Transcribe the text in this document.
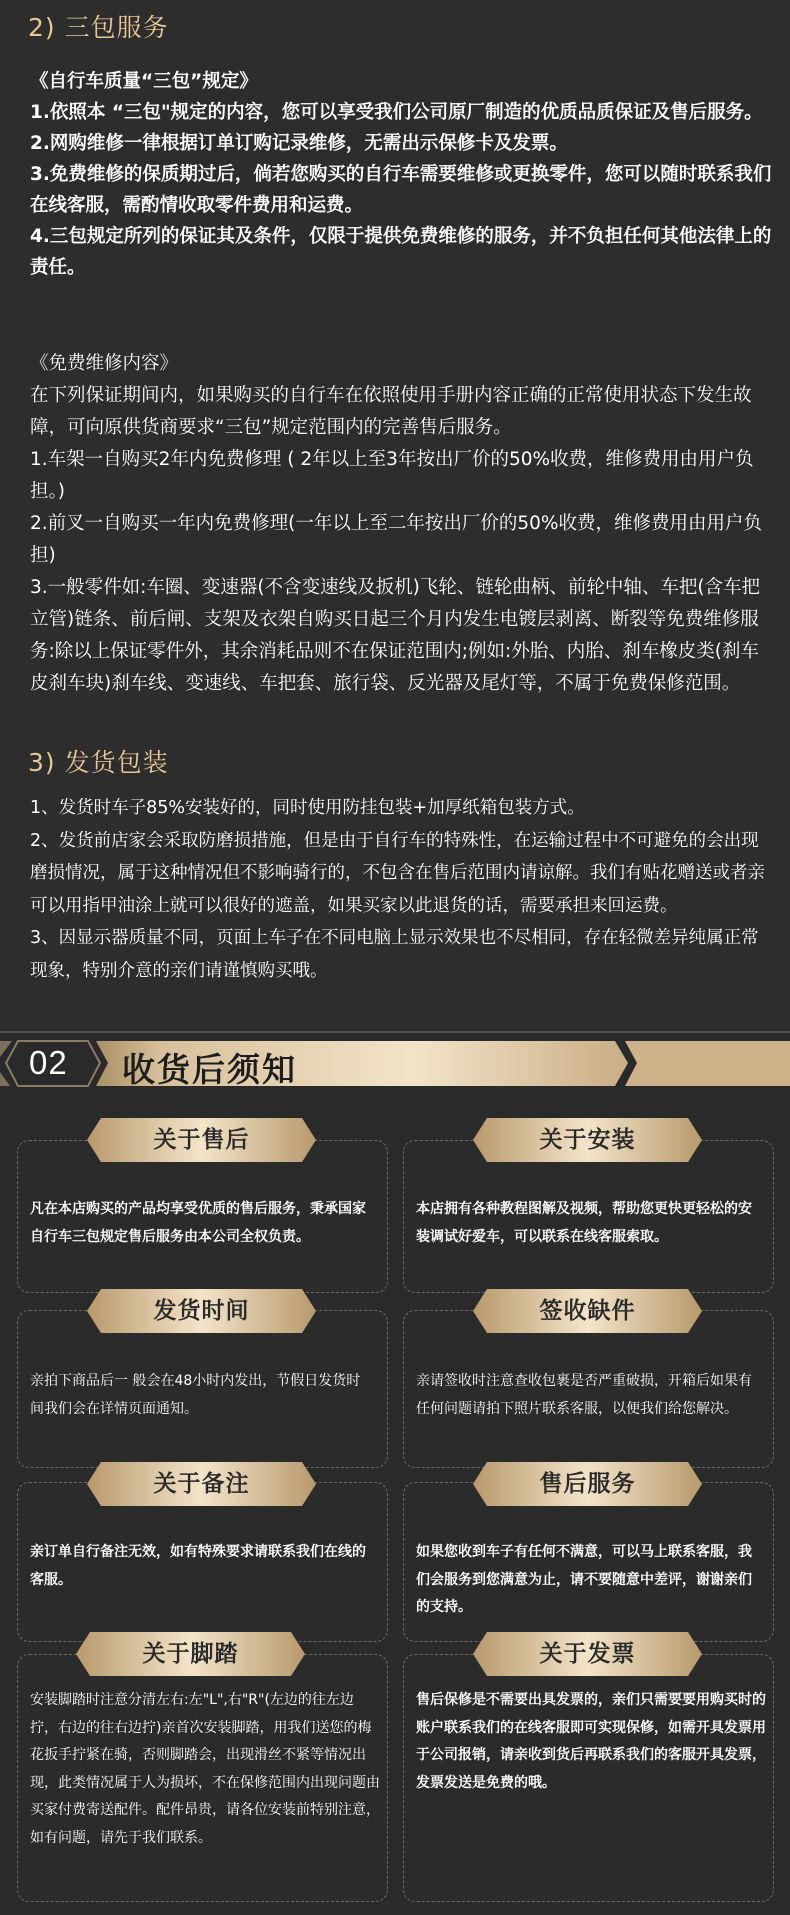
2) 三包服务

《自行车质量“三包”规定》

1.依照本 “三包"规定的内容，您可以享受我们公司原厂制造的优质品质保证及售后服务。

2.网购维修一律根据订单订购记录维修，无需出示保修卡及发票。

3.免费维修的保质期过后，倘若您购买的自行车需要维修或更换零件，您可以随时联系我们在线客服，需酌情收取零件费用和运费。

4.三包规定所列的保证其及条件，仅限于提供免费维修的服务，并不负担任何其他法律上的责任。

《免费维修内容》

在下列保证期间内，如果购买的自行车在依照使用手册内容正确的正常使用状态下发生故障，可向原供货商要求“三包”规定范围内的完善售后服务。

1.车架一自购买2年内免费修理 ( 2年以上至3年按出厂价的50%收费，维修费用由用户负担。)

2.前叉一自购买一年内免费修理(一年以上至二年按出厂价的50%收费，维修费用由用户负担)

3.一般零件如:车圈、变速器(不含变速线及扳机)飞轮、链轮曲柄、前轮中轴、车把(含车把立管)链条、前后闸、支架及衣架自购买日起三个月内发生电镀层剥离、断裂等免费维修服务:除以上保证零件外，其余消耗品则不在保证范围内;例如:外胎、内胎、刹车橡皮类(刹车皮刹车块)刹车线、变速线、车把套、旅行袋、反光器及尾灯等，不属于免费保修范围。

3) 发货包装

1、发货时车子85%安装好的，同时使用防挂包装+加厚纸箱包装方式。

2、发货前店家会采取防磨损措施，但是由于自行车的特殊性，在运输过程中不可避免的会出现磨损情况，属于这种情况但不影响骑行的，不包含在售后范围内请谅解。我们有贴花赠送或者亲可以用指甲油涂上就可以很好的遮盖，如果买家以此退货的话，需要承担来回运费。

3、因显示器质量不同，页面上车子在不同电脑上显示效果也不尽相同，存在轻微差异纯属正常现象，特别介意的亲们请谨慎购买哦。

02 收货后须知
凡在本店购买的产品均享受优质的售后服务，秉承国家自行车三包规定售后服务由本公司全权负责。
本店拥有各种教程图解及视频，帮助您更快更轻松的安装调试好爱车，可以联系在线客服索取。
亲拍下商品后一 般会在48小时内发出，节假日发货时间我们会在详情页面通知。
亲请签收时注意查收包裹是否严重破损，开箱后如果有任何问题请拍下照片联系客服，以便我们给您解决。
亲订单自行备注无效，如有特殊要求请联系我们在线的客服。
如果您收到车子有任何不满意，可以马上联系客服，我们会服务到您满意为止，请不要随意中差评，谢谢亲们的支持。
安装脚踏时注意分清左右:左"L",右"R"(左边的往左边拧，右边的往右边拧)亲首次安装脚踏，用我们送您的梅花扳手拧紧在骑，否则脚踏会，出现滑丝不紧等情况出现，此类情况属于人为损坏，不在保修范围内出现问题由买家付费寄送配件。配件昂贵，请各位安装前特别注意，如有问题，请先于我们联系。
售后保修是不需要出具发票的，亲们只需要要用购买时的账户联系我们的在线客服即可实现保修，如需开具发票用于公司报销，请亲收到货后再联系我们的客服开具发票，发票发送是免费的哦。
关于售后	关于安装
发货时间	签收缺件
关于备注	售后服务
关于脚踏	关于发票
